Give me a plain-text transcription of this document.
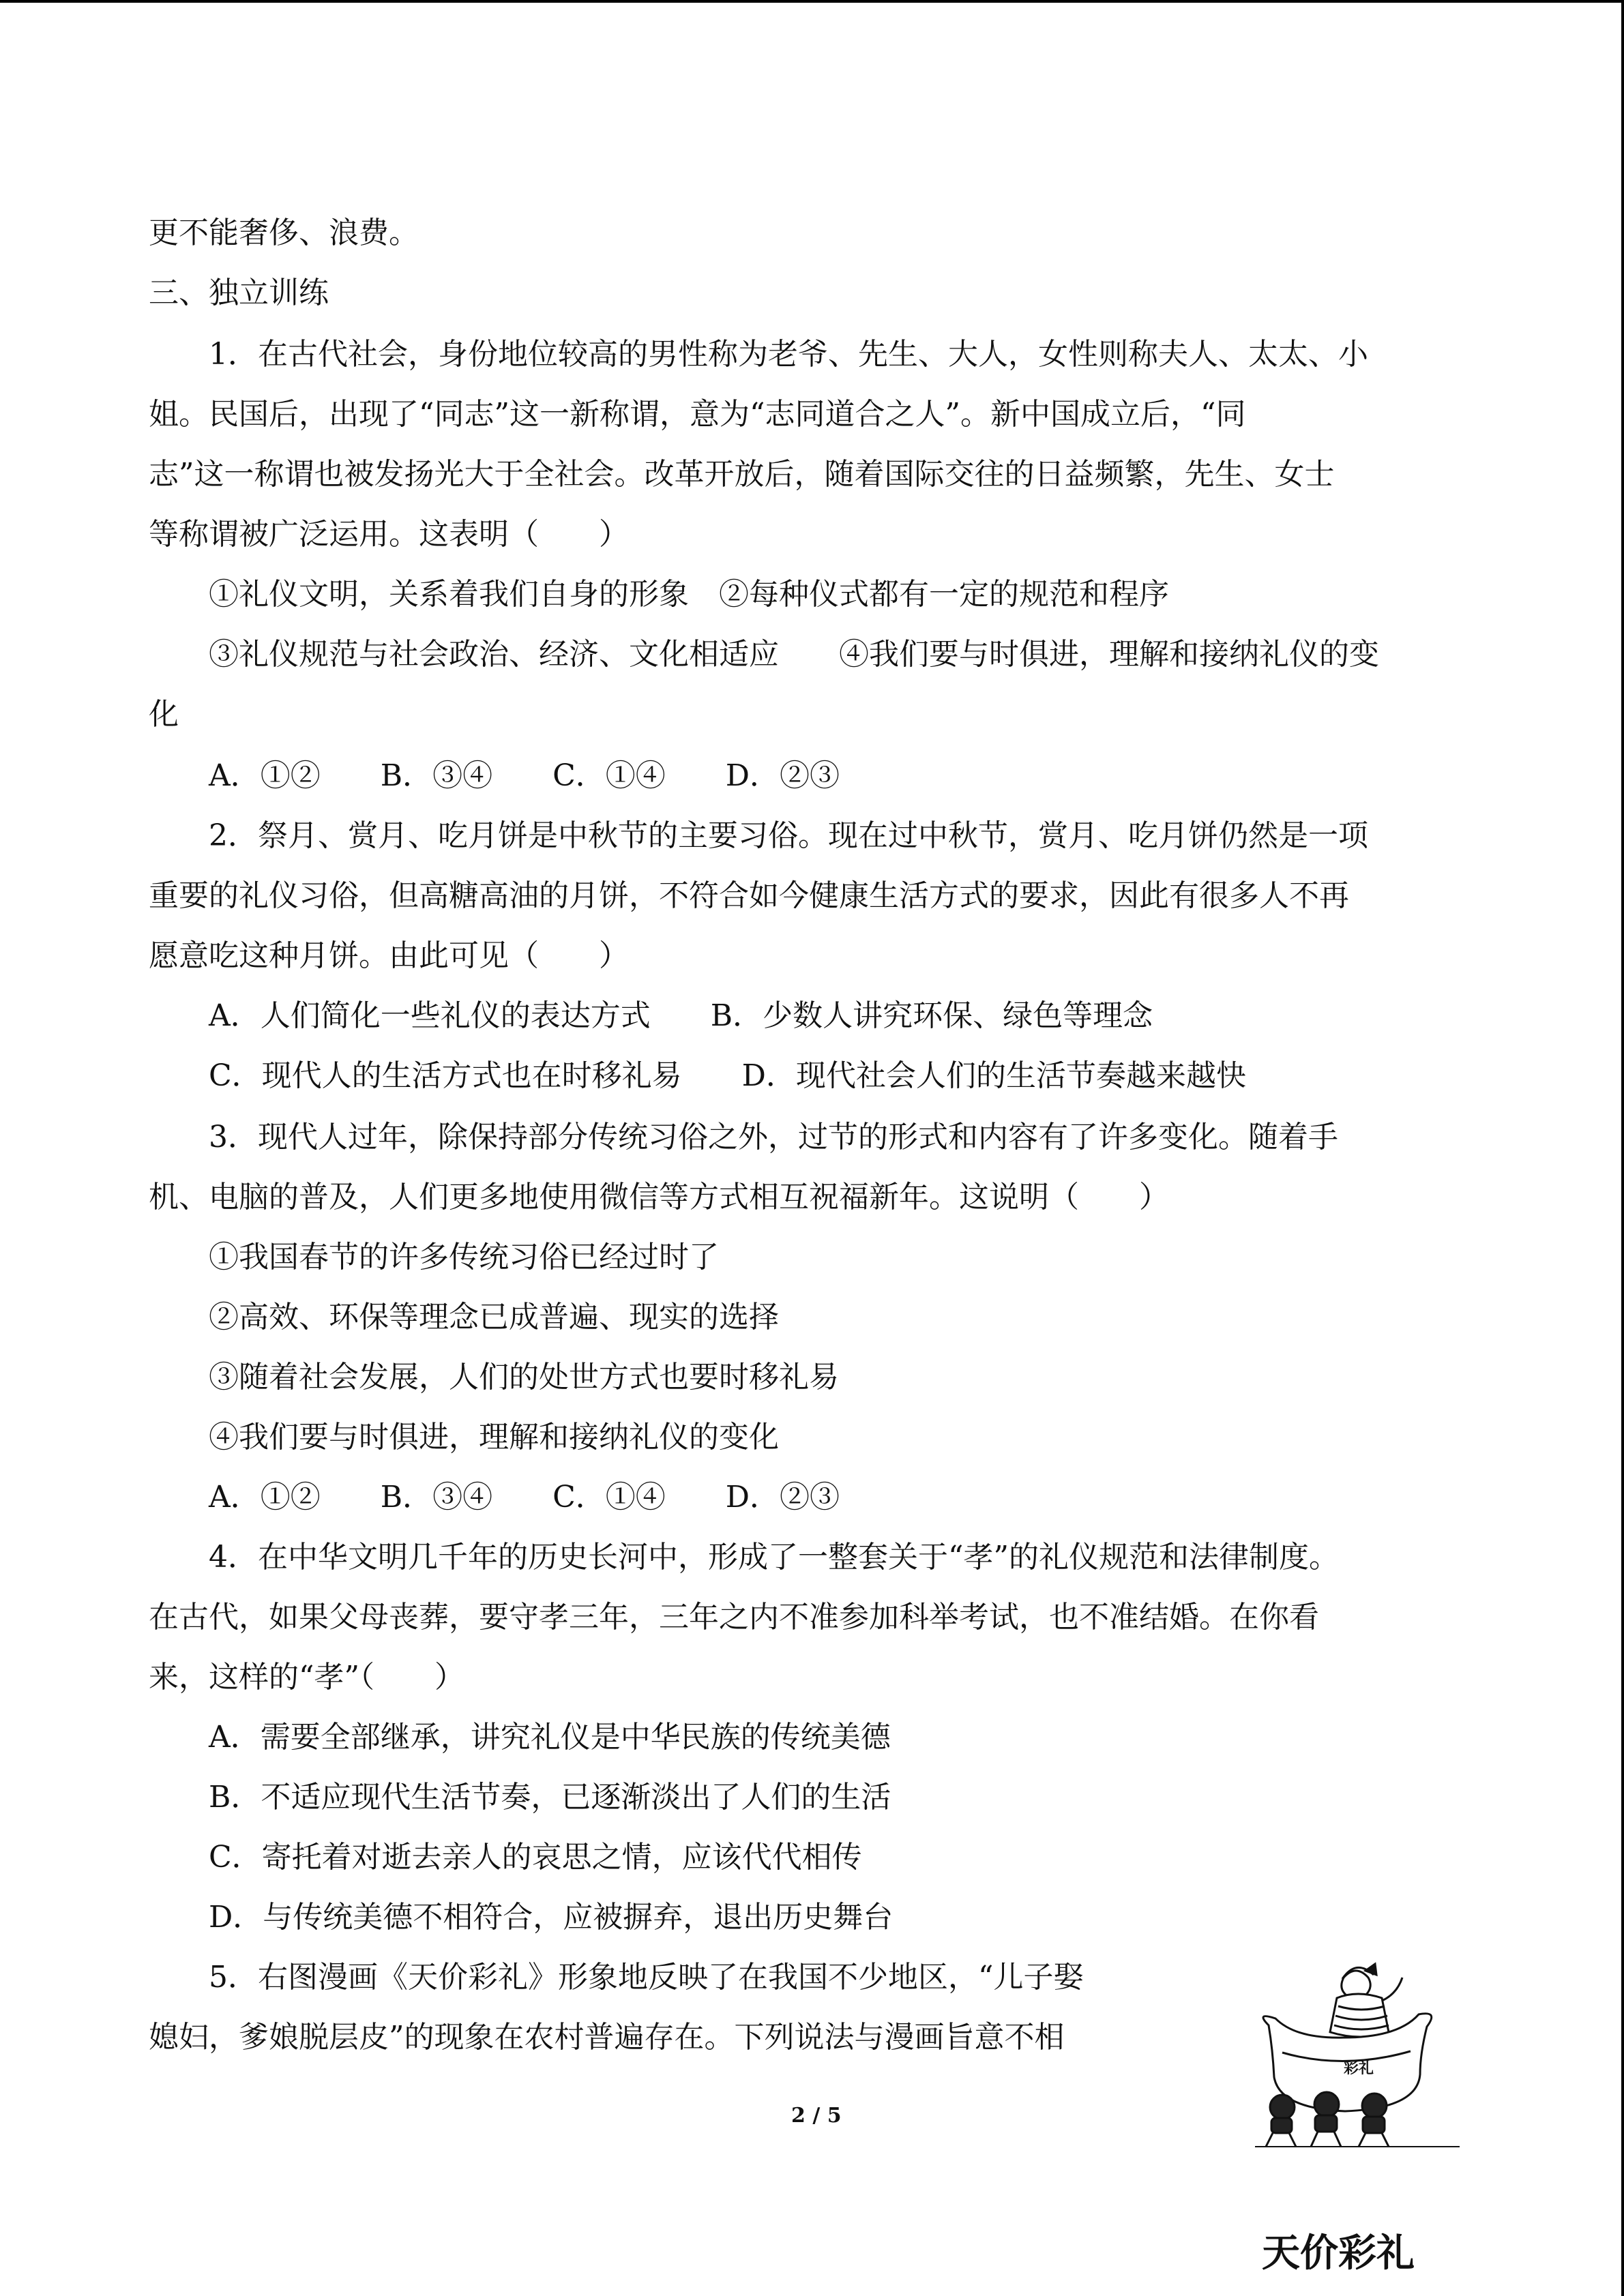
更不能奢侈、浪费。
三、独立训练
1．在古代社会，身份地位较高的男性称为老爷、先生、大人，女性则称夫人、太太、小
姐。民国后，出现了“同志”这一新称谓，意为“志同道合之人”。新中国成立后，“同
志”这一称谓也被发扬光大于全社会。改革开放后，随着国际交往的日益频繁，先生、女士
等称谓被广泛运用。这表明（　　）
①礼仪文明，关系着我们自身的形象　②每种仪式都有一定的规范和程序
③礼仪规范与社会政治、经济、文化相适应　　④我们要与时俱进，理解和接纳礼仪的变
化
A．①②　　B．③④　　C．①④　　D．②③
2．祭月、赏月、吃月饼是中秋节的主要习俗。现在过中秋节，赏月、吃月饼仍然是一项
重要的礼仪习俗，但高糖高油的月饼，不符合如今健康生活方式的要求，因此有很多人不再
愿意吃这种月饼。由此可见（　　）
A．人们简化一些礼仪的表达方式　　B．少数人讲究环保、绿色等理念
C．现代人的生活方式也在时移礼易　　D．现代社会人们的生活节奏越来越快
3．现代人过年，除保持部分传统习俗之外，过节的形式和内容有了许多变化。随着手
机、电脑的普及，人们更多地使用微信等方式相互祝福新年。这说明（　　）
①我国春节的许多传统习俗已经过时了
②高效、环保等理念已成普遍、现实的选择
③随着社会发展，人们的处世方式也要时移礼易
④我们要与时俱进，理解和接纳礼仪的变化
A．①②　　B．③④　　C．①④　　D．②③
4．在中华文明几千年的历史长河中，形成了一整套关于“孝”的礼仪规范和法律制度。
在古代，如果父母丧葬，要守孝三年，三年之内不准参加科举考试，也不准结婚。在你看
来，这样的“孝”（　　）
A．需要全部继承，讲究礼仪是中华民族的传统美德
B．不适应现代生活节奏，已逐渐淡出了人们的生活
C．寄托着对逝去亲人的哀思之情，应该代代相传
D．与传统美德不相符合，应被摒弃，退出历史舞台
5．右图漫画《天价彩礼》形象地反映了在我国不少地区，“儿子娶
媳妇，爹娘脱层皮”的现象在农村普遍存在。下列说法与漫画旨意不相
彩礼
天价彩礼
2 / 5
